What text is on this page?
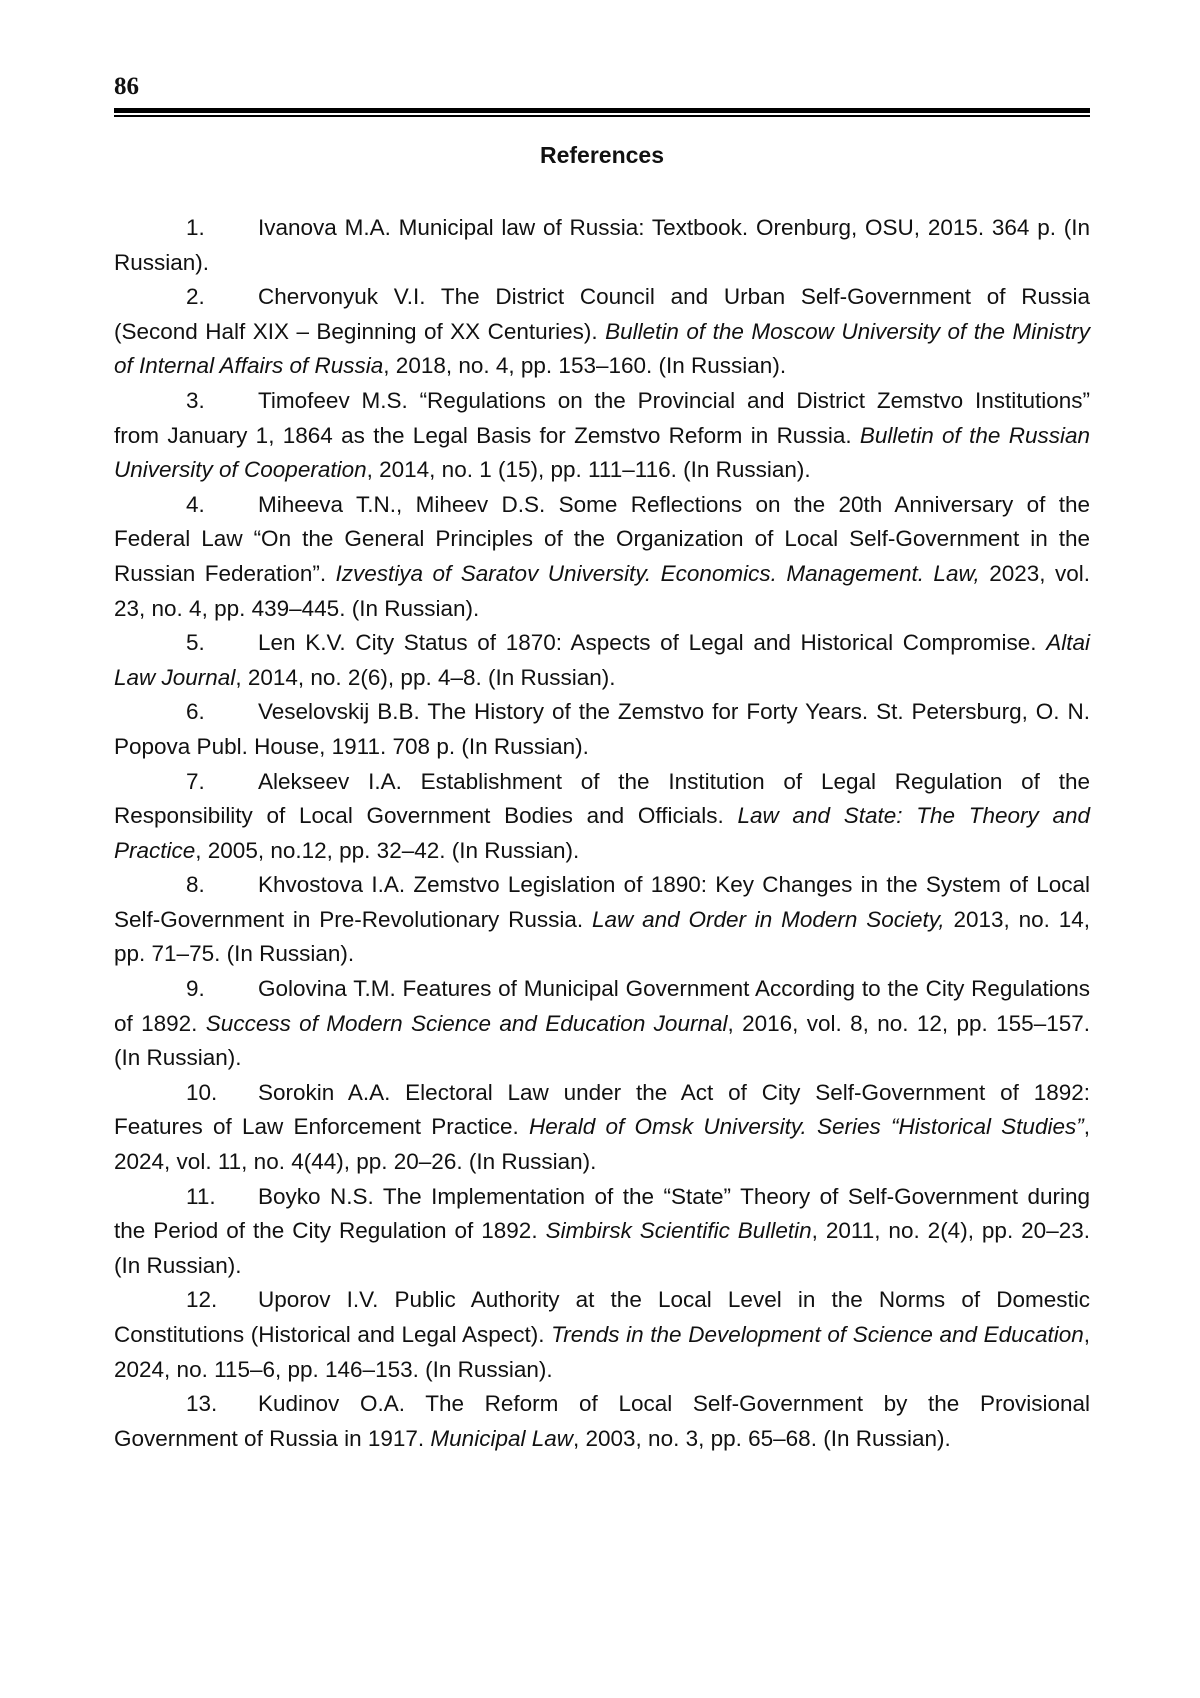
86
References
1. Ivanova M.A. Municipal law of Russia: Textbook. Orenburg, OSU, 2015. 364 p. (In Russian).
2. Chervonyuk V.I. The District Council and Urban Self-Government of Russia (Second Half XIX – Beginning of XX Centuries). Bulletin of the Moscow University of the Ministry of Internal Affairs of Russia, 2018, no. 4, pp. 153–160. (In Russian).
3. Timofeev M.S. “Regulations on the Provincial and District Zemstvo Institutions” from January 1, 1864 as the Legal Basis for Zemstvo Reform in Russia. Bulletin of the Russian University of Cooperation, 2014, no. 1 (15), pp. 111–116. (In Russian).
4. Miheeva T.N., Miheev D.S. Some Reflections on the 20th Anniversary of the Federal Law “On the General Principles of the Organization of Local Self-Government in the Russian Federation”. Izvestiya of Saratov University. Economics. Management. Law, 2023, vol. 23, no. 4, pp. 439–445. (In Russian).
5. Len K.V. City Status of 1870: Aspects of Legal and Historical Compromise. Altai Law Journal, 2014, no. 2(6), pp. 4–8. (In Russian).
6. Veselovskij B.B. The History of the Zemstvo for Forty Years. St. Petersburg, O. N. Popova Publ. House, 1911. 708 p. (In Russian).
7. Alekseev I.A. Establishment of the Institution of Legal Regulation of the Responsibility of Local Government Bodies and Officials. Law and State: The Theory and Practice, 2005, no.12, pp. 32–42. (In Russian).
8. Khvostova I.A. Zemstvo Legislation of 1890: Key Changes in the System of Local Self-Government in Pre-Revolutionary Russia. Law and Order in Modern Society, 2013, no. 14, pp. 71–75. (In Russian).
9. Golovina T.M. Features of Municipal Government According to the City Regulations of 1892. Success of Modern Science and Education Journal, 2016, vol. 8, no. 12, pp. 155–157. (In Russian).
10. Sorokin A.A. Electoral Law under the Act of City Self-Government of 1892: Features of Law Enforcement Practice. Herald of Omsk University. Series “Historical Studies”, 2024, vol. 11, no. 4(44), pp. 20–26. (In Russian).
11. Boyko N.S. The Implementation of the “State” Theory of Self-Government during the Period of the City Regulation of 1892. Simbirsk Scientific Bulletin, 2011, no. 2(4), pp. 20–23. (In Russian).
12. Uporov I.V. Public Authority at the Local Level in the Norms of Domestic Constitutions (Historical and Legal Aspect). Trends in the Development of Science and Education, 2024, no. 115–6, pp. 146–153. (In Russian).
13. Kudinov O.A. The Reform of Local Self-Government by the Provisional Government of Russia in 1917. Municipal Law, 2003, no. 3, pp. 65–68. (In Russian).
